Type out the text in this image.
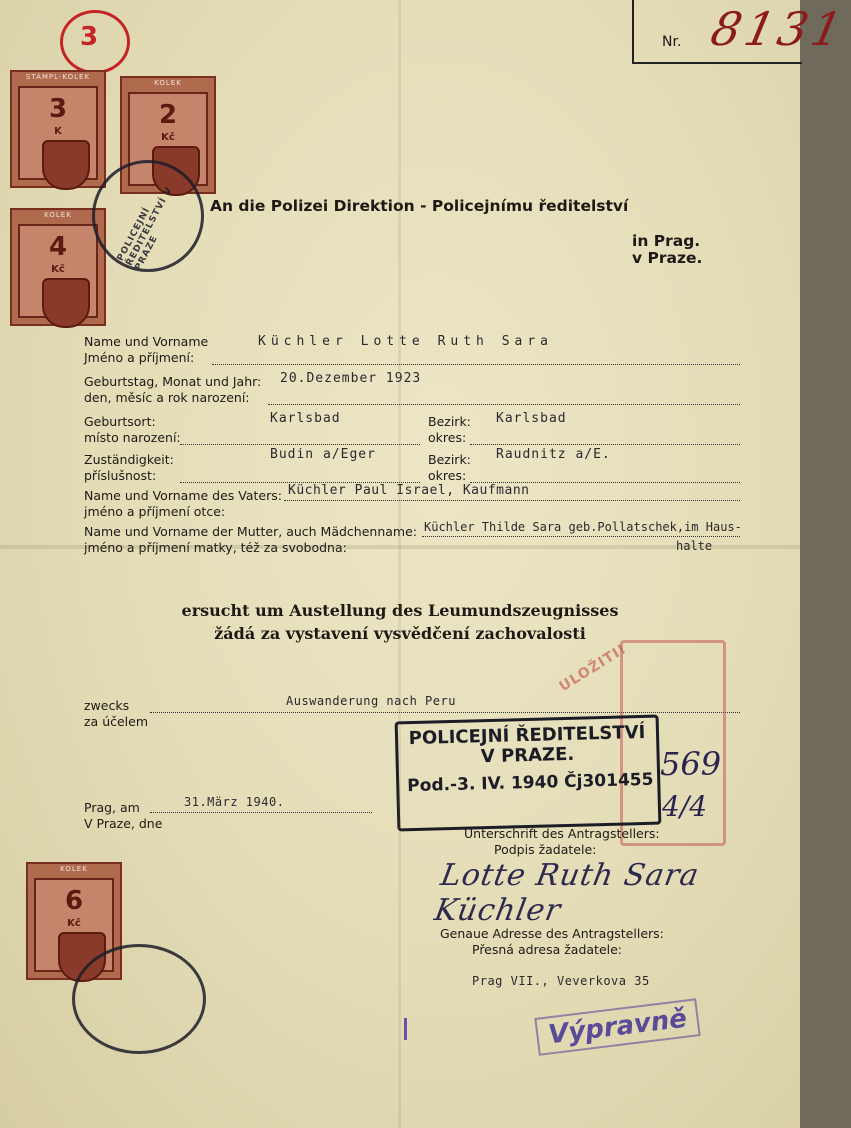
Nr. 8131
3
STÁMPL-KOLEK
3
K
KOLEK
2
Kč
KOLEK
4
Kč
KOLEK
6
Kč
POLICEJNÍ ŘEDITELSTVÍ V PRAZE
An die Polizei Direktion - Policejnímu ředitelství
in Prag.
v Praze.
Name und Vorname
Jméno a příjmení:
Küchler Lotte Ruth Sara
Geburtstag, Monat und Jahr:
den, měsíc a rok narození:
20.Dezember 1923
Geburtsort:
místo narození:
Karlsbad	Bezirk:
okres:
Karlsbad
Zuständigkeit:
příslušnost:
Budin a/Eger	Bezirk:
okres:
Raudnitz a/E.
Name und Vorname des Vaters:
jméno a příjmení otce:
Küchler Paul Israel, Kaufmann
Name und Vorname der Mutter, auch Mädchenname:
jméno a příjmení matky, též za svobodna:
Küchler Thilde Sara geb.Pollatschek,im Haus-
halte
ersucht um Austellung des Leumundszeugnisses
žádá za vystavení vysvědčení zachovalosti
zwecks
za účelem
Auswanderung nach Peru
Prag, am
V Praze, dne
31.März 1940.
ULOŽITI!
POLICEJNÍ ŘEDITELSTVÍ
V PRAZE.
Pod.-3. IV. 1940 Čj301455 569
4/4
Unterschrift des Antragstellers:
Podpis žadatele:
Lotte Ruth Sara Küchler
Genaue Adresse des Antragstellers:
Přesná adresa žadatele:
Prag VII., Veverkova 35
Výpravně
